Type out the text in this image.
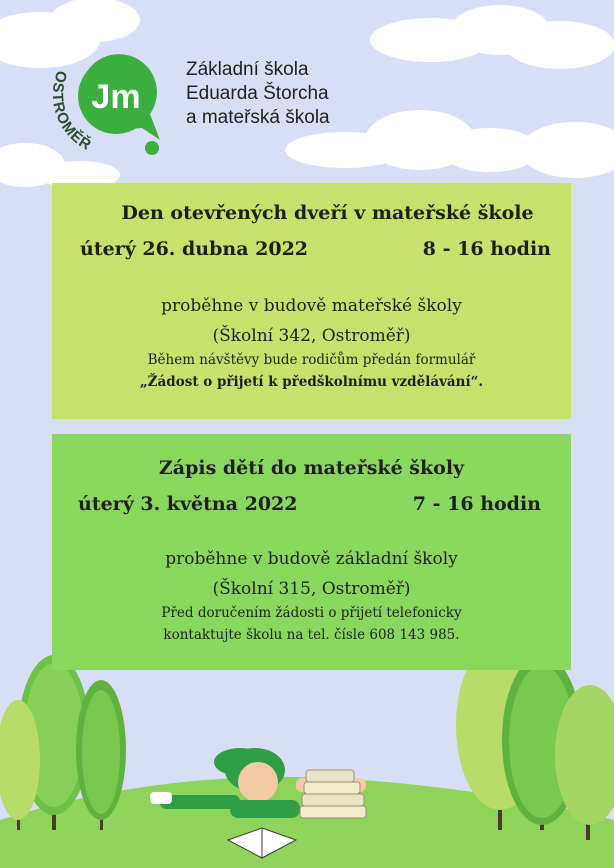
Jm
OSTROMĚŘ
Základní škola
Eduarda Štorcha
a mateřská škola
Den otevřených dveří v mateřské škole
úterý 26. dubna 2022	8 - 16 hodin
proběhne v budově mateřské školy
(Školní 342, Ostroměř)
Během návštěvy bude rodičům předán formulář
„Žádost o přijetí k předškolnímu vzdělávání“.
Zápis dětí do mateřské školy
úterý 3. května 2022	7 - 16 hodin
proběhne v budově základní školy
(Školní 315, Ostroměř)
Před doručením žádosti o přijetí telefonicky
kontaktujte školu na tel. čísle 608 143 985.
